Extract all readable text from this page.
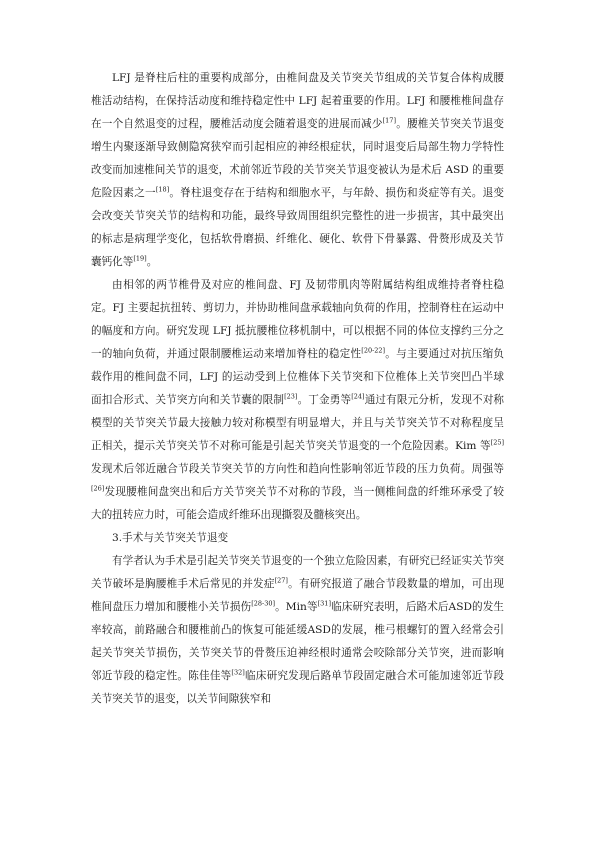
LFJ 是脊柱后柱的重要构成部分，由椎间盘及关节突关节组成的关节复合体构成腰椎活动结构，在保持活动度和维持稳定性中 LFJ 起着重要的作用。LFJ 和腰椎椎间盘存在一个自然退变的过程，腰椎活动度会随着退变的进展而减少[17]。腰椎关节突关节退变增生内聚逐渐导致侧隐窝狭窄而引起相应的神经根症状，同时退变后局部生物力学特性改变而加速椎间关节的退变，术前邻近节段的关节突关节退变被认为是术后 ASD 的重要危险因素之一[18]。脊柱退变存在于结构和细胞水平，与年龄、损伤和炎症等有关。退变会改变关节突关节的结构和功能，最终导致周围组织完整性的进一步损害，其中最突出的标志是病理学变化，包括软骨磨损、纤维化、硬化、软骨下骨暴露、骨赘形成及关节囊钙化等[19]。

由相邻的两节椎骨及对应的椎间盘、FJ 及韧带肌肉等附属结构组成维持者脊柱稳定。FJ 主要起抗扭转、剪切力，并协助椎间盘承载轴向负荷的作用，控制脊柱在运动中的幅度和方向。研究发现 LFJ 抵抗腰椎位移机制中，可以根据不同的体位支撑约三分之一的轴向负荷，并通过限制腰椎运动来增加脊柱的稳定性[20-22]。与主要通过对抗压缩负载作用的椎间盘不同，LFJ 的运动受到上位椎体下关节突和下位椎体上关节突凹凸半球面扣合形式、关节突方向和关节囊的限制[23]。丁金勇等[24]通过有限元分析，发现不对称模型的关节突关节最大接触力较对称模型有明显增大，并且与关节突关节不对称程度呈正相关，提示关节突关节不对称可能是引起关节突关节退变的一个危险因素。Kim 等[25]发现术后邻近融合节段关节突关节的方向性和趋向性影响邻近节段的压力负荷。周强等[26]发现腰椎间盘突出和后方关节突关节不对称的节段，当一侧椎间盘的纤维环承受了较大的扭转应力时，可能会造成纤维环出现撕裂及髓核突出。

3.手术与关节突关节退变

有学者认为手术是引起关节突关节退变的一个独立危险因素，有研究已经证实关节突关节破坏是胸腰椎手术后常见的并发症[27]。有研究报道了融合节段数量的增加，可出现椎间盘压力增加和腰椎小关节损伤[28-30]。Min等[31]临床研究表明，后路术后ASD的发生率较高，前路融合和腰椎前凸的恢复可能延缓ASD的发展，椎弓根螺钉的置入经常会引起关节突关节损伤，关节突关节的骨赘压迫神经根时通常会咬除部分关节突，进而影响邻近节段的稳定性。陈佳佳等[32]临床研究发现后路单节段固定融合术可能加速邻近节段关节突关节的退变，以关节间隙狭窄和
